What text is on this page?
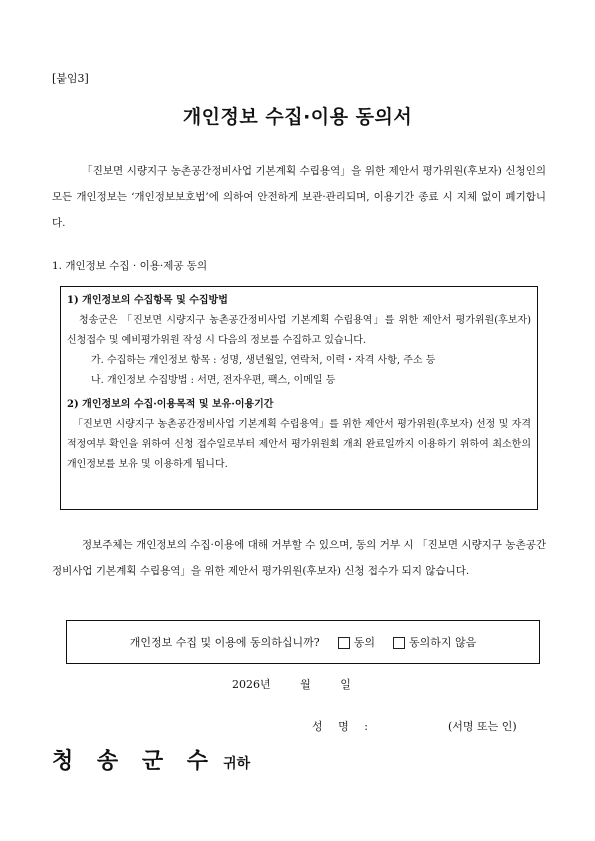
[붙임3]
개인정보 수집·이용 동의서
「진보면 시량지구 농촌공간정비사업 기본계획 수립용역」을 위한 제안서 평가위원(후보자) 신청인의 모든 개인정보는 ‘개인정보보호법’에 의하여 안전하게 보관·관리되며, 이용기간 종료 시 지체 없이 폐기합니다.
1. 개인정보 수집 · 이용·제공 동의
1) 개인정보의 수집항목 및 수집방법
청송군은 「진보면 시량지구 농촌공간정비사업 기본계획 수립용역」를 위한 제안서 평가위원(후보자) 신청접수 및 예비평가위원 작성 시 다음의 정보를 수집하고 있습니다.
가. 수집하는 개인정보 항목 : 성명, 생년월일, 연락처, 이력・자격 사항, 주소 등
나. 개인정보 수집방법 : 서면, 전자우편, 팩스, 이메일 등
2) 개인정보의 수집·이용목적 및 보유·이용기간
「진보면 시량지구 농촌공간정비사업 기본계획 수립용역」를 위한 제안서 평가위원(후보자) 선정 및 자격적정여부 확인을 위하여 신청 접수일로부터 제안서 평가위원회 개최 완료일까지 이용하기 위하여 최소한의 개인정보를 보유 및 이용하게 됩니다.
정보주체는 개인정보의 수집·이용에 대해 거부할 수 있으며, 동의 거부 시 「진보면 시량지구 농촌공간정비사업 기본계획 수립용역」을 위한 제안서 평가위원(후보자) 신청 접수가 되지 않습니다.
개인정보 수집 및 이용에 동의하십니까?	동의	동의하지 않음
2026년	월	일
성 명 :	(서명 또는 인)
청 송 군 수 귀하
